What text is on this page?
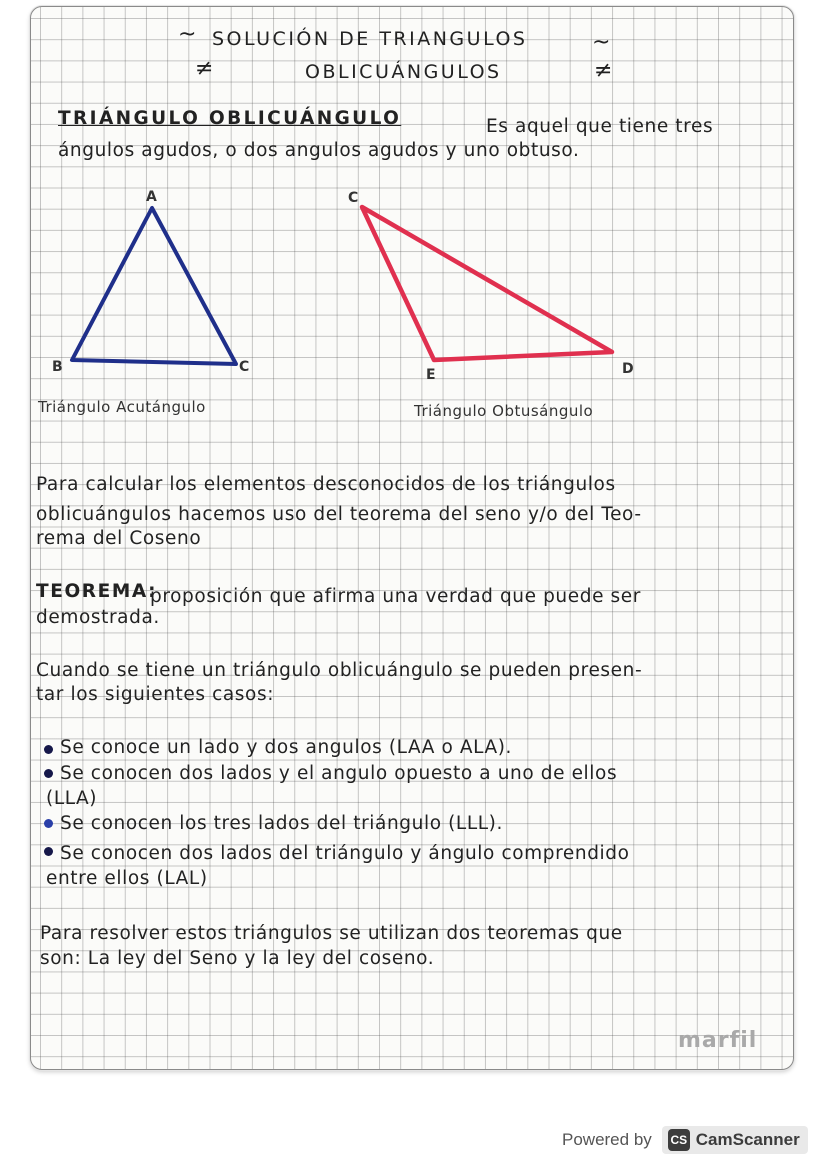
~ SOLUCIÓN DE TRIANGULOS	~
≠	OBLICUÁNGULOS	≠
TRIÁNGULO OBLICUÁNGULO	Es aquel que tiene tres
ángulos agudos, o dos angulos agudos y uno obtuso.
A
B	C
C
E	D
Triángulo Acutángulo	Triángulo Obtusángulo
Para calcular los elementos desconocidos de los triángulos
oblicuángulos hacemos uso del teorema del seno y/o del Teo-
rema del Coseno
TEOREMA:
proposición que afirma una verdad que puede ser
demostrada.
Cuando se tiene un triángulo oblicuángulo se pueden presen-
tar los siguientes casos:
Se conoce un lado y dos angulos (LAA o ALA).
Se conocen dos lados y el angulo opuesto a uno de ellos
(LLA)
Se conocen los tres lados del triángulo (LLL).
Se conocen dos lados del triángulo y ángulo comprendido
entre ellos (LAL)
Para resolver estos triángulos se utilizan dos teoremas que
son: La ley del Seno y la ley del coseno.
marfil
Powered by CS CamScanner
